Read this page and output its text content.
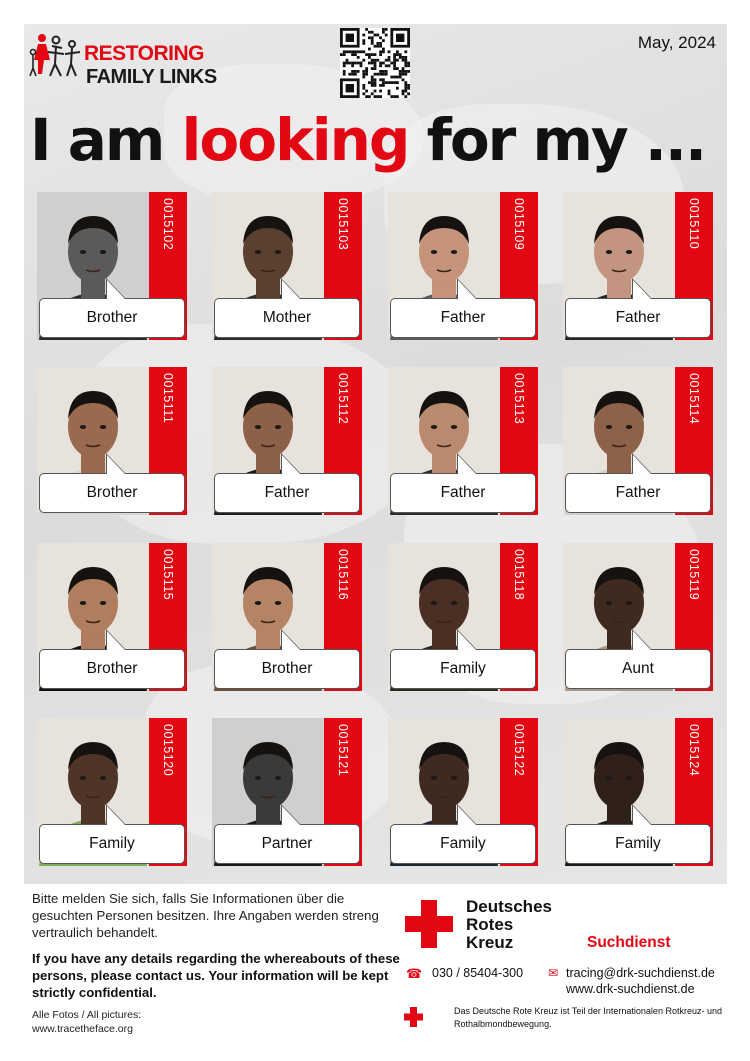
RESTORING
FAMILY LINKS
May, 2024
I am looking for my ...
0015102
Brother
0015103
Mother
0015109
Father
0015110
Father
0015111
Brother
0015112
Father
0015113
Father
0015114
Father
0015115
Brother
0015116
Brother
0015118
Family
0015119
Aunt
0015120
Family
0015121
Partner
0015122
Family
0015124
Family
Bitte melden Sie sich, falls Sie Informationen über die gesuchten Personen besitzen. Ihre Angaben werden streng vertraulich behandelt.
If you have any details regarding the whereabouts of these persons, please contact us. Your information will be kept strictly confidential.
Alle Fotos / All pictures:
www.tracetheface.org
Deutsches
Rotes
Kreuz	Suchdienst
☎ 030 / 85404-300 ✉ tracing@drk-suchdienst.de
www.drk-suchdienst.de
Das Deutsche Rote Kreuz ist Teil der Internationalen Rotkreuz- und Rothalbmondbewegung.
